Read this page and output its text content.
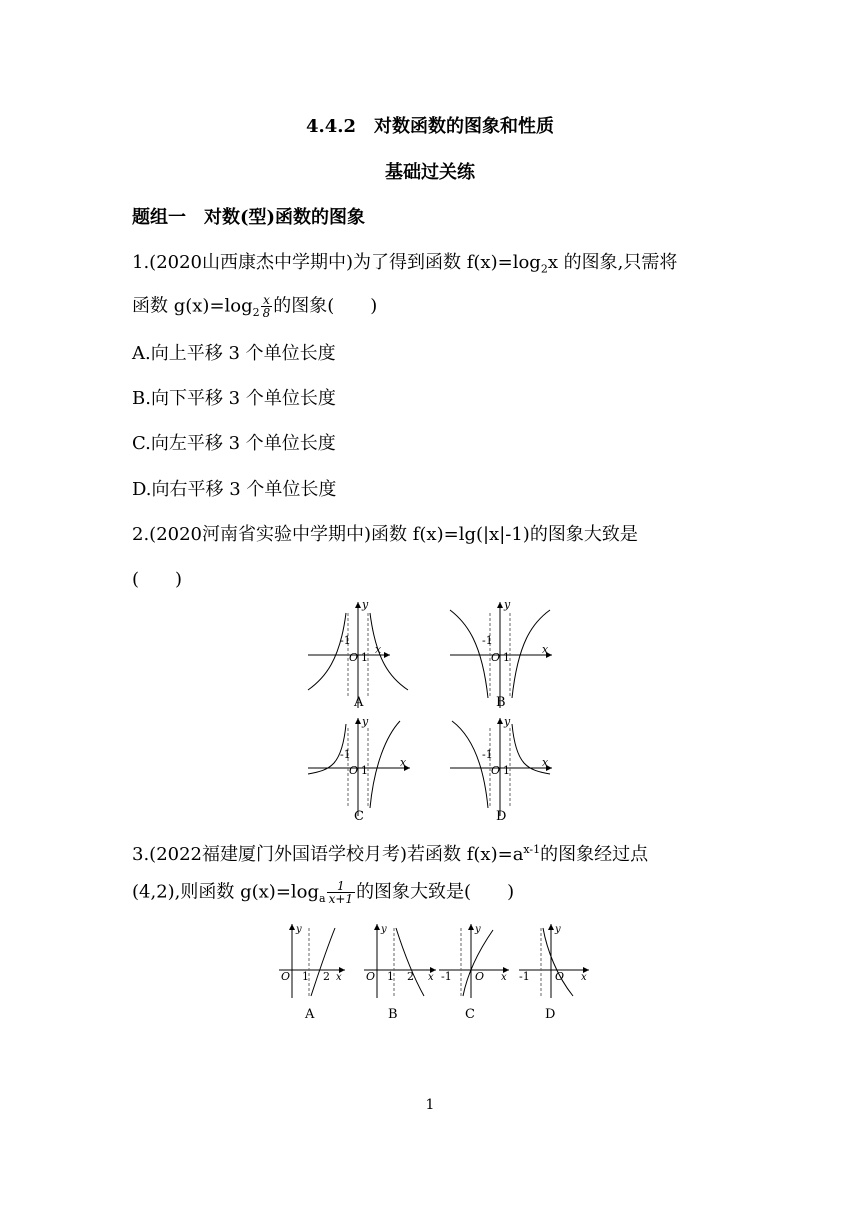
4.4.2　对数函数的图象和性质
基础过关练
题组一　对数(型)函数的图象
1.(2020山西康杰中学期中)为了得到函数 $f(x)=\log_2x$ 的图象,只需将
函数 $g(x)=\log_2 \frac{x}{8}$ 的图象(　　)
A.向上平移 3 个单位长度
B.向下平移 3 个单位长度
C.向左平移 3 个单位长度
D.向右平移 3 个单位长度
2.(2020河南省实验中学期中)函数 f(x)=lg(|x|-1)的图象大致是
(　　)
-1
O 1
y
x
A
-1
O 1
y
x
B
-1
O 1
y
x
C
-1
O 1
y
x
D
3.(2022福建厦门外国语学校月考)若函数 $f(x)=a^{x-1}$的图象经过点
(4,2),则函数 $g(x)=\log_a \frac{1}{x+1}$ 的图象大致是(　　)
O 1 2
y
x
A
O 1 2
y
x
B
-1 O
y
x
C
-1 O
y
x
D
1
